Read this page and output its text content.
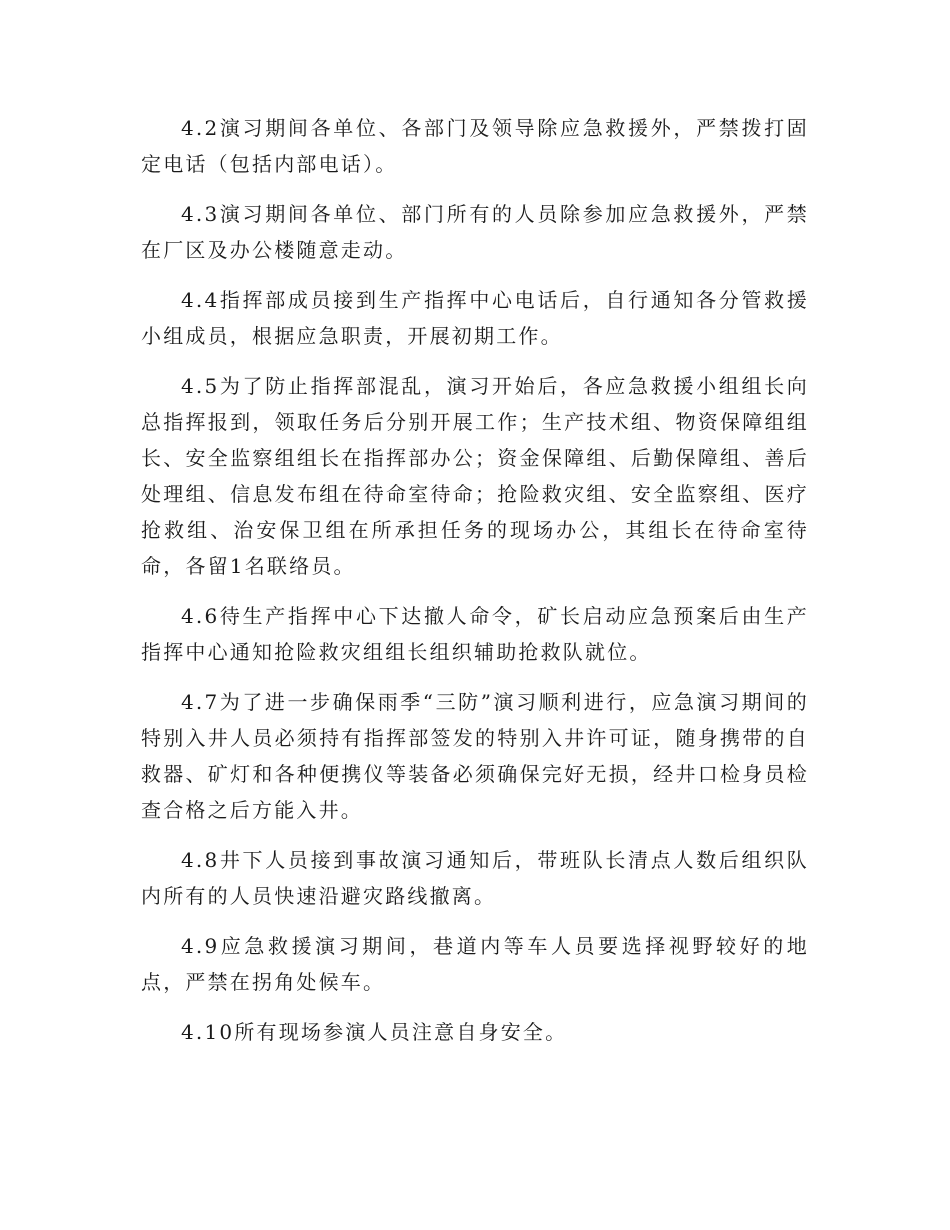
4.2演习期间各单位、各部门及领导除应急救援外，严禁拨打固定电话（包括内部电话）。

4.3演习期间各单位、部门所有的人员除参加应急救援外，严禁在厂区及办公楼随意走动。

4.4指挥部成员接到生产指挥中心电话后，自行通知各分管救援小组成员，根据应急职责，开展初期工作。

4.5为了防止指挥部混乱，演习开始后，各应急救援小组组长向总指挥报到，领取任务后分别开展工作；生产技术组、物资保障组组长、安全监察组组长在指挥部办公；资金保障组、后勤保障组、善后处理组、信息发布组在待命室待命；抢险救灾组、安全监察组、医疗抢救组、治安保卫组在所承担任务的现场办公，其组长在待命室待命，各留1名联络员。

4.6待生产指挥中心下达撤人命令，矿长启动应急预案后由生产指挥中心通知抢险救灾组组长组织辅助抢救队就位。

4.7为了进一步确保雨季“三防”演习顺利进行，应急演习期间的特别入井人员必须持有指挥部签发的特别入井许可证，随身携带的自救器、矿灯和各种便携仪等装备必须确保完好无损，经井口检身员检查合格之后方能入井。

4.8井下人员接到事故演习通知后，带班队长清点人数后组织队内所有的人员快速沿避灾路线撤离。

4.9应急救援演习期间，巷道内等车人员要选择视野较好的地点，严禁在拐角处候车。

4.10所有现场参演人员注意自身安全。
